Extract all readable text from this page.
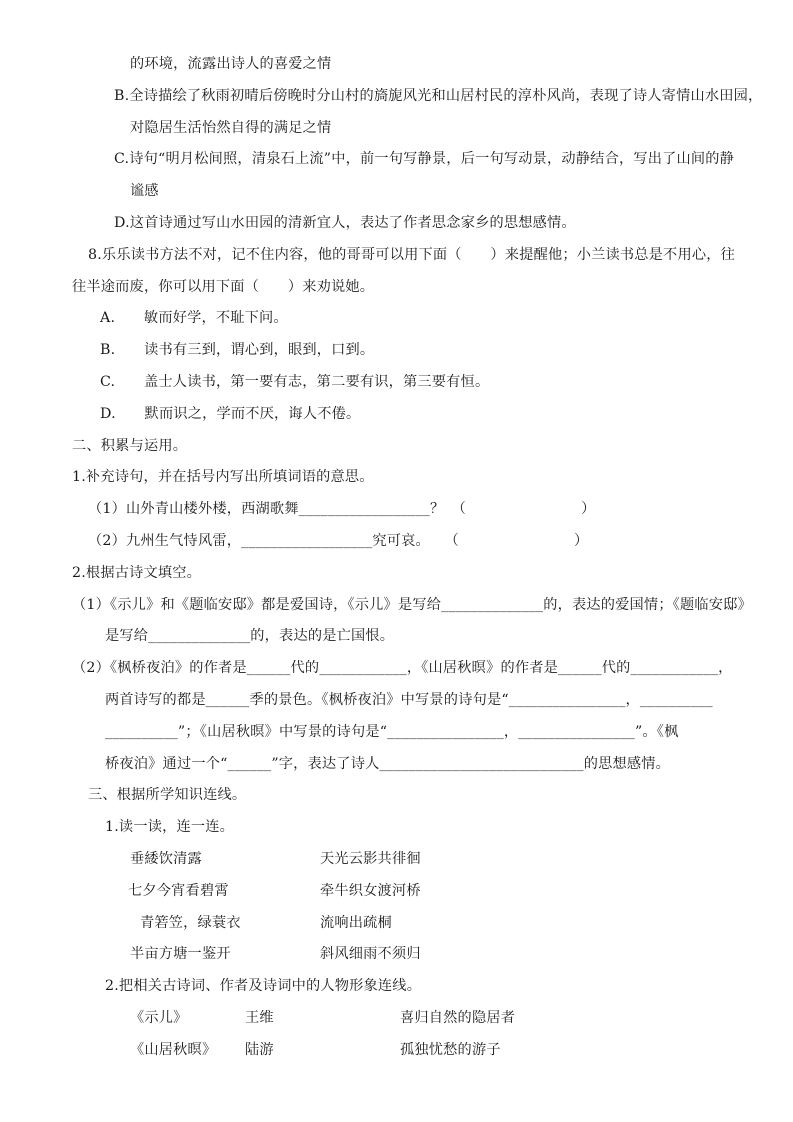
的环境，流露出诗人的喜爱之情
B.全诗描绘了秋雨初晴后傍晚时分山村的旖旎风光和山居村民的淳朴风尚，表现了诗人寄情山水田园，
对隐居生活怡然自得的满足之情
C.诗句“明月松间照，清泉石上流”中，前一句写静景，后一句写动景，动静结合，写出了山间的静
谧感
D.这首诗通过写山水田园的清新宜人，表达了作者思念家乡的思想感情。
8.乐乐读书方法不对，记不住内容，他的哥哥可以用下面（　　）来提醒他；小兰读书总是不用心，往
往半途而废，你可以用下面（　　）来劝说她。
A.　　敏而好学，不耻下问。
B.　　读书有三到，谓心到，眼到，口到。
C.　　盖士人读书，第一要有志，第二要有识，第三要有恒。
D.　　默而识之，学而不厌，诲人不倦。
二、积累与运用。
1.补充诗句，并在括号内写出所填词语的意思。
（1）山外青山楼外楼，西湖歌舞__________________？　（　　　　　　　　）
（2）九州生气恃风雷，__________________究可哀。　　（　　　　　　　　）
2.根据古诗文填空。
（1）《示儿》和《题临安邸》都是爱国诗，《示儿》是写给______________的，表达的爱国情；《题临安邸》
是写给______________的，表达的是亡国恨。
（2）《枫桥夜泊》的作者是______代的____________，《山居秋暝》的作者是______代的____________，
两首诗写的都是______季的景色。《枫桥夜泊》中写景的诗句是“________________，__________
__________”；《山居秋暝》中写景的诗句是“________________，________________”。《枫
桥夜泊》通过一个“______”字，表达了诗人____________________________的思想感情。
三、根据所学知识连线。
1.读一读，连一连。
垂緌饮清露	天光云影共徘徊
七夕今宵看碧霄	牵牛织女渡河桥
青箬笠，绿蓑衣	流响出疏桐
半亩方塘一鉴开	斜风细雨不须归
2.把相关古诗词、作者及诗词中的人物形象连线。
《示儿》	王维	喜归自然的隐居者
《山居秋暝》 陆游	孤独忧愁的游子
